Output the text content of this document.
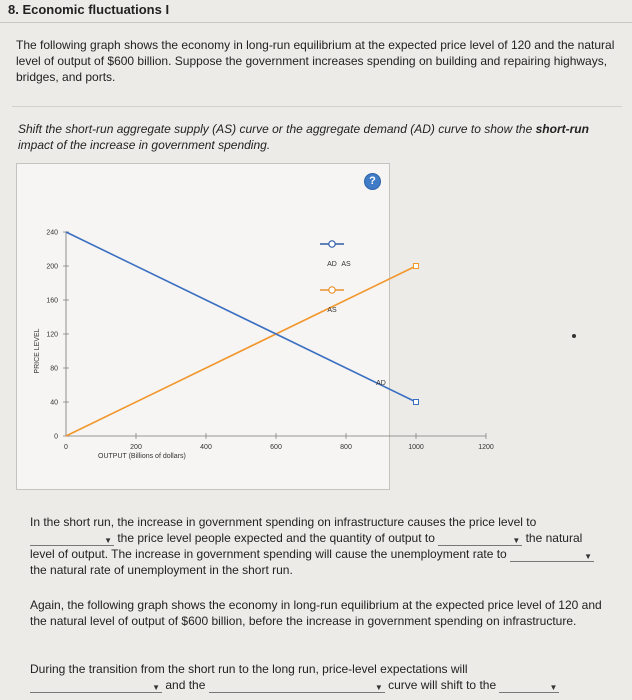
8. Economic fluctuations I
The following graph shows the economy in long-run equilibrium at the expected price level of 120 and the natural level of output of $600 billion. Suppose the government increases spending on building and repairing highways, bridges, and ports.
Shift the short-run aggregate supply (AS) curve or the aggregate demand (AD) curve to show the short-run impact of the increase in government spending.
?
0
40
80
120
160
200
240
0	200	400	600	800	1000	1200
OUTPUT (Billions of dollars)
PRICE LEVEL
AS
AD
AD
AS
In the short run, the increase in government spending on infrastructure causes the price level to
▼ the price level people expected and the quantity of output to	▼ the natural level of output. The increase in government spending will cause the unemployment rate to	▼
the natural rate of unemployment in the short run.
Again, the following graph shows the economy in long-run equilibrium at the expected price level of 120 and the natural level of output of $600 billion, before the increase in government spending on infrastructure.
During the transition from the short run to the long run, price-level expectations will

▼ and the	▼ curve will shift to the	▼
